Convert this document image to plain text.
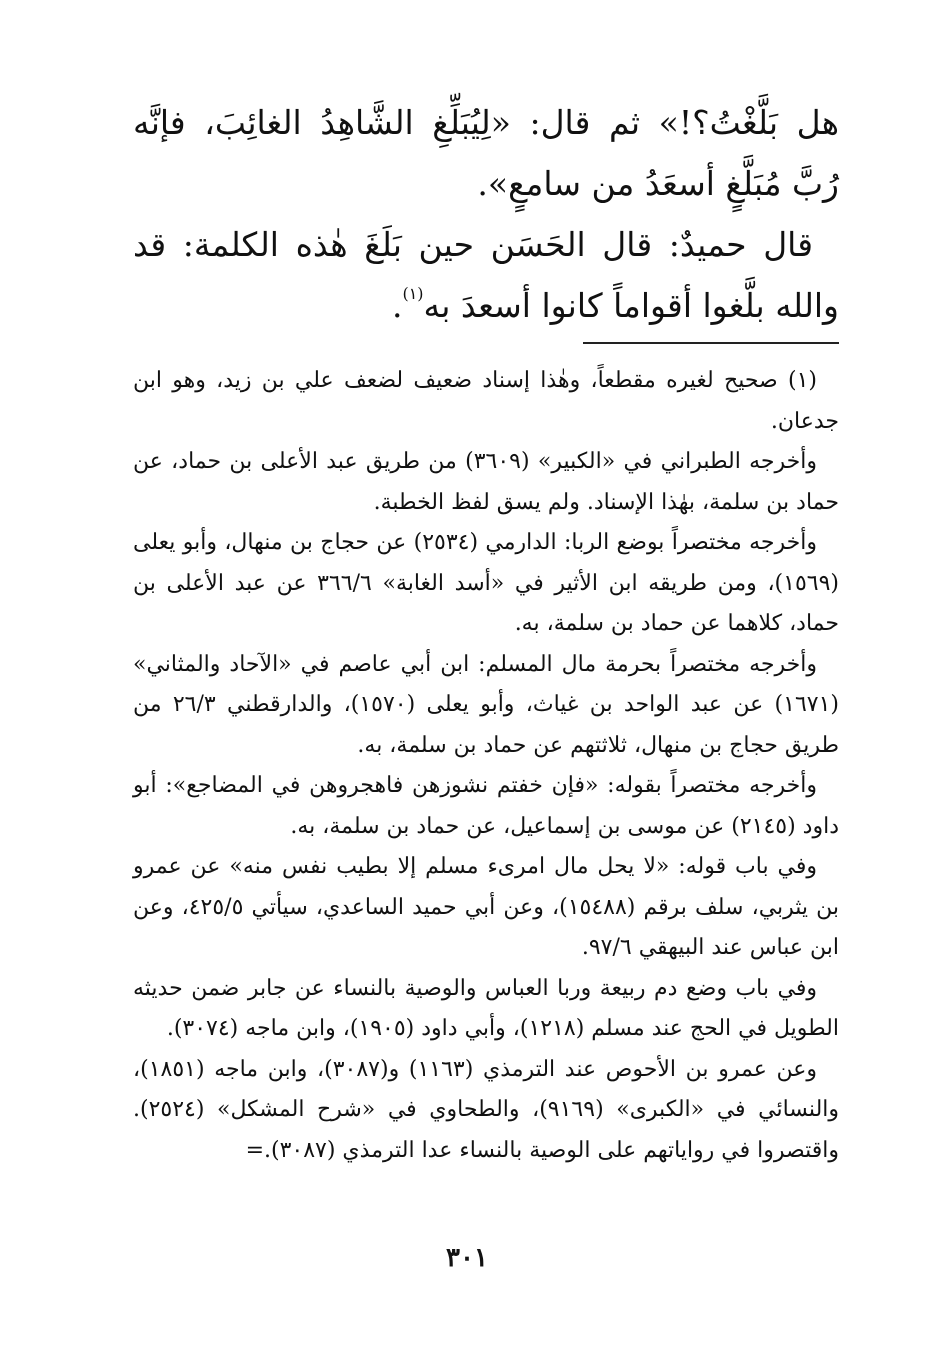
هل بَلَّغْتُ؟!» ثم قال: «لِيُبَلِّغِ الشَّاهِدُ الغائِبَ، فإنَّه رُبَّ مُبَلَّغٍ أسعَدُ من سامعٍ».

قال حميدٌ: قال الحَسَن حين بَلَغَ هٰذه الكلمة: قد والله بلَّغوا أقواماً كانوا أسعدَ به$^{(١)}$.

(١) صحيح لغيره مقطعاً، وهٰذا إسناد ضعيف لضعف علي بن زيد، وهو ابن جدعان.

وأخرجه الطبراني في «الكبير» (٣٦٠٩) من طريق عبد الأعلى بن حماد، عن حماد بن سلمة، بهٰذا الإسناد. ولم يسق لفظ الخطبة.

وأخرجه مختصراً بوضع الربا: الدارمي (٢٥٣٤) عن حجاج بن منهال، وأبو يعلى (١٥٦٩)، ومن طريقه ابن الأثير في «أسد الغابة» ٣٦٦/٦ عن عبد الأعلى بن حماد، كلاهما عن حماد بن سلمة، به.

وأخرجه مختصراً بحرمة مال المسلم: ابن أبي عاصم في «الآحاد والمثاني» (١٦٧١) عن عبد الواحد بن غياث، وأبو يعلى (١٥٧٠)، والدارقطني ٢٦/٣ من طريق حجاج بن منهال، ثلاثتهم عن حماد بن سلمة، به.

وأخرجه مختصراً بقوله: «فإن خفتم نشوزهن فاهجروهن في المضاجع»: أبو داود (٢١٤٥) عن موسى بن إسماعيل، عن حماد بن سلمة، به.

وفي باب قوله: «لا يحل مال امرىء مسلم إلا بطيب نفس منه» عن عمرو بن يثربي، سلف برقم (١٥٤٨٨)، وعن أبي حميد الساعدي، سيأتي ٤٢٥/٥، وعن ابن عباس عند البيهقي ٩٧/٦.

وفي باب وضع دم ربيعة وربا العباس والوصية بالنساء عن جابر ضمن حديثه الطويل في الحج عند مسلم (١٢١٨)، وأبي داود (١٩٠٥)، وابن ماجه (٣٠٧٤).

وعن عمرو بن الأحوص عند الترمذي (١١٦٣) و(٣٠٨٧)، وابن ماجه (١٨٥١)، والنسائي في «الكبرى» (٩١٦٩)، والطحاوي في «شرح المشكل» (٢٥٢٤). واقتصروا في رواياتهم على الوصية بالنساء عدا الترمذي (٣٠٨٧).=

٣٠١
